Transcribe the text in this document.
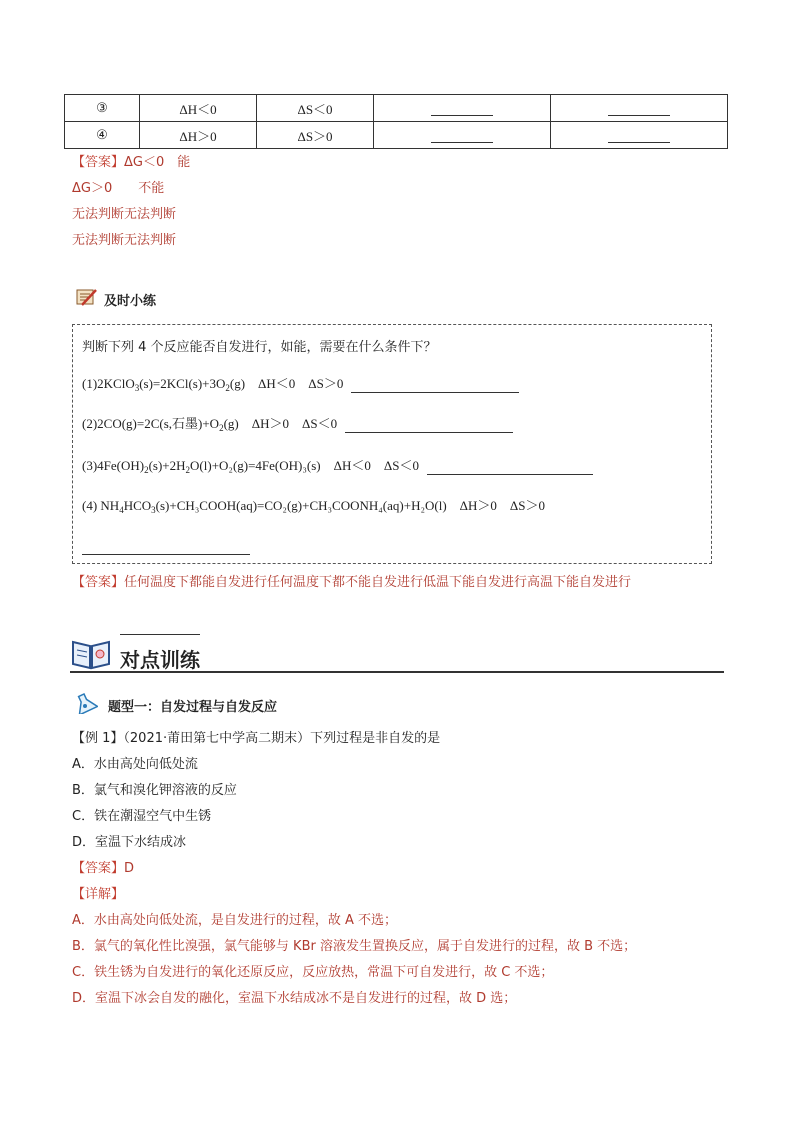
③	ΔH＜0	ΔS＜0		
④	ΔH＞0	ΔS＞0		
【答案】ΔG＜0　能
ΔG＞0　　不能
无法判断无法判断
无法判断无法判断
及时小练
判断下列 4 个反应能否自发进行，如能，需要在什么条件下？
$(1)2KClO_3(s)=2KCl(s)+3O_2(g)$　ΔH＜0　ΔS＞0
(2)2CO(g)=2C(s,石墨)$+O_2(g)$　ΔH＞0　ΔS＜0
$(3)4Fe(OH)_2(s)+2H_2O(l)+O_2(g)=4Fe(OH)_3(s)$　ΔH＜0　ΔS＜0
(4) $NH_4HCO_3(s)+CH_3COOH(aq)=CO_2(g)+CH_3COONH_4(aq)+H_2O(l)$　ΔH＞0　ΔS＞0
【答案】任何温度下都能自发进行任何温度下都不能自发进行低温下能自发进行高温下能自发进行
对点训练
题型一：自发过程与自发反应
【例 1】（2021·莆田第七中学高二期末）下列过程是非自发的是
A．水由高处向低处流
B．氯气和溴化钾溶液的反应
C．铁在潮湿空气中生锈
D．室温下水结成冰
【答案】D
【详解】
A．水由高处向低处流，是自发进行的过程，故 A 不选；
B．氯气的氧化性比溴强，氯气能够与 KBr 溶液发生置换反应，属于自发进行的过程，故 B 不选；
C．铁生锈为自发进行的氧化还原反应，反应放热，常温下可自发进行，故 C 不选；
D．室温下冰会自发的融化，室温下水结成冰不是自发进行的过程，故 D 选；
